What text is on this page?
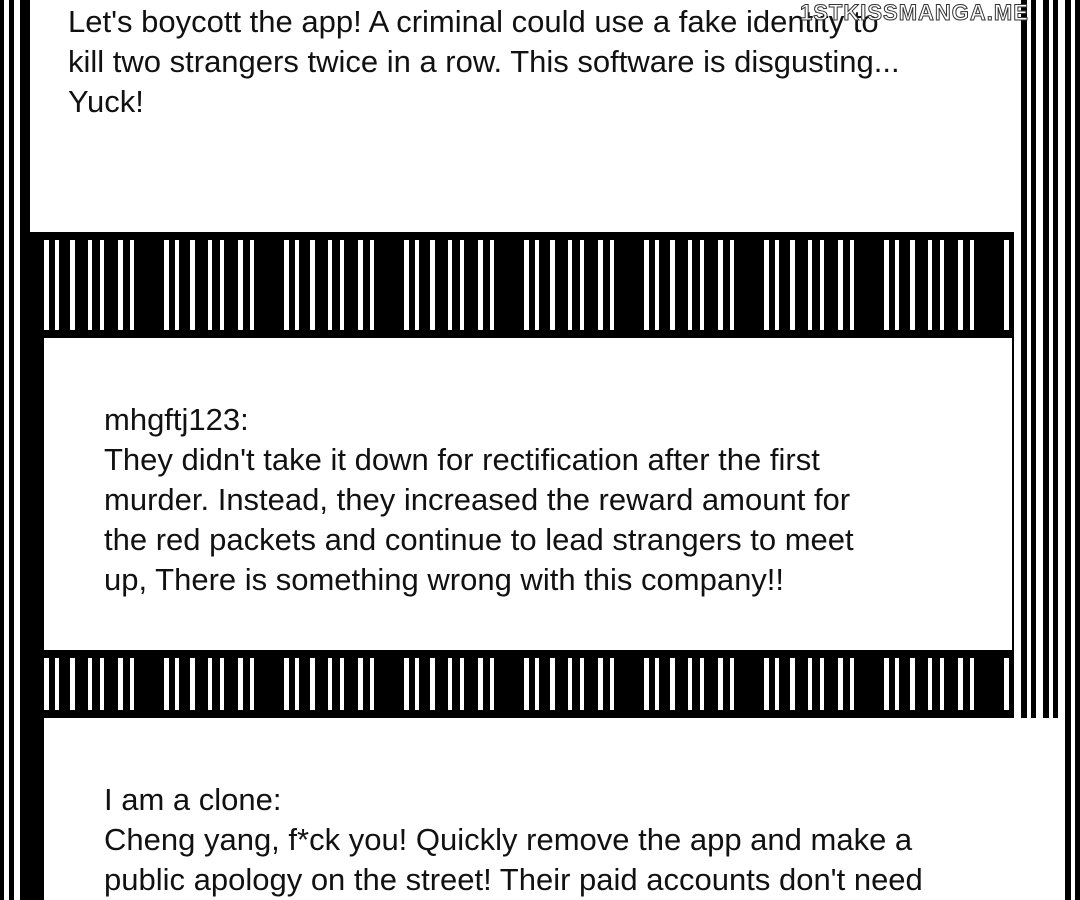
Let's boycott the app! A criminal could use a fake identity to

kill two strangers twice in a row. This software is disgusting...

Yuck!

mhgftj123:

They didn't take it down for rectification after the first

murder. Instead, they increased the reward amount for

the red packets and continue to lead strangers to meet

up, There is something wrong with this company!!

I am a clone:

Cheng yang, f*ck you! Quickly remove the app and make a

public apology on the street! Their paid accounts don't need

1STKISSMANGA.ME
